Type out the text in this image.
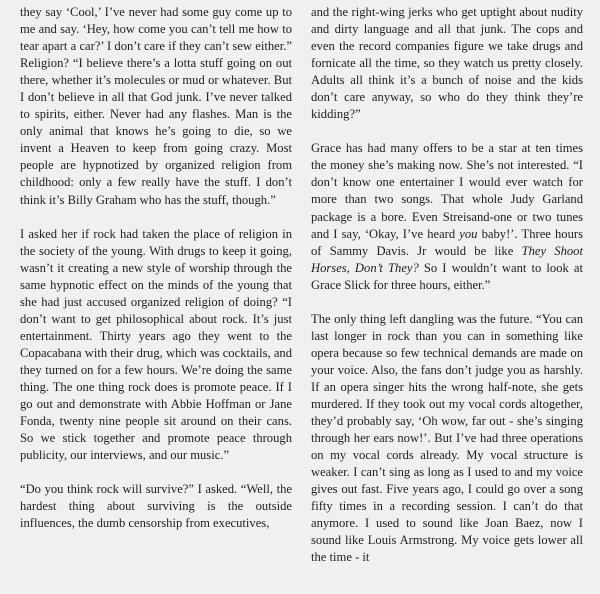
they say ‘Cool,’ I’ve never had some guy come up to me and say. ‘Hey, how come you can’t tell me how to tear apart a car?’ I don’t care if they can’t sew either.” Religion? “I believe there’s a lotta stuff going on out there, whether it’s molecules or mud or whatever. But I don’t believe in all that God junk. I’ve never talked to spirits, either. Never had any flashes. Man is the only animal that knows he’s going to die, so we invent a Heaven to keep from going crazy. Most people are hypnotized by organized religion from childhood: only a few really have the stuff. I don’t think it’s Billy Graham who has the stuff, though.”

I asked her if rock had taken the place of religion in the society of the young. With drugs to keep it going, wasn’t it creating a new style of worship through the same hypnotic effect on the minds of the young that she had just accused organized religion of doing? “I don’t want to get philosophical about rock. It’s just entertainment. Thirty years ago they went to the Copacabana with their drug, which was cocktails, and they turned on for a few hours. We’re doing the same thing. The one thing rock does is promote peace. If I go out and demonstrate with Abbie Hoffman or Jane Fonda, twenty nine people sit around on their cans. So we stick together and promote peace through publicity, our interviews, and our music.”

“Do you think rock will survive?” I asked. “Well, the hardest thing about surviving is the outside influences, the dumb censorship from executives,

and the right-wing jerks who get uptight about nudity and dirty language and all that junk. The cops and even the record companies figure we take drugs and fornicate all the time, so they watch us pretty closely. Adults all think it’s a bunch of noise and the kids don’t care anyway, so who do they think they’re kidding?”

Grace has had many offers to be a star at ten times the money she’s making now. She’s not interested. “I don’t know one entertainer I would ever watch for more than two songs. That whole Judy Garland package is a bore. Even Streisand-one or two tunes and I say, ‘Okay, I’ve heard you baby!’. Three hours of Sammy Davis. Jr would be like They Shoot Horses, Don’t They? So I wouldn’t want to look at Grace Slick for three hours, either.”

The only thing left dangling was the future. “You can last longer in rock than you can in something like opera because so few technical demands are made on your voice. Also, the fans don’t judge you as harshly. If an opera singer hits the wrong half-note, she gets murdered. If they took out my vocal cords altogether, they’d probably say, ‘Oh wow, far out - she’s singing through her ears now!’. But I’ve had three operations on my vocal cords already. My vocal structure is weaker. I can’t sing as long as I used to and my voice gives out fast. Five years ago, I could go over a song fifty times in a recording session. I can’t do that anymore. I used to sound like Joan Baez, now I sound like Louis Armstrong. My voice gets lower all the time - it
